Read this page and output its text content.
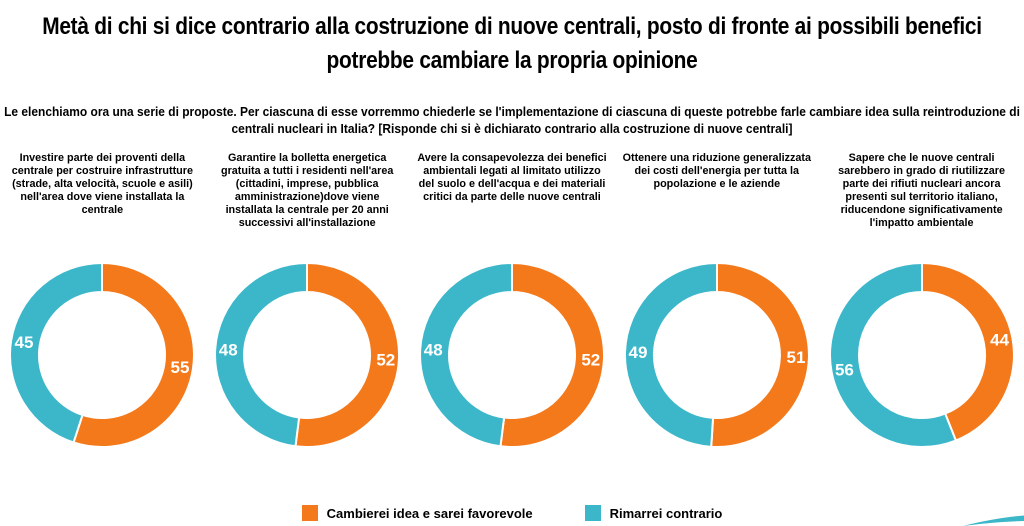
Metà di chi si dice contrario alla costruzione di nuove centrali, posto di fronte ai possibili benefici potrebbe cambiare la propria opinione

Le elenchiamo ora una serie di proposte. Per ciascuna di esse vorremmo chiederle se l'implementazione di ciascuna di queste potrebbe farle cambiare idea sulla reintroduzione di centrali nucleari in Italia? [Risponde chi si è dichiarato contrario alla costruzione di nuove centrali]

Investire parte dei proventi della centrale per costruire infrastrutture (strade, alta velocità, scuole e asili) nell'area dove viene installata la centrale
55
45
Garantire la bolletta energetica gratuita a tutti i residenti nell'area (cittadini, imprese, pubblica amministrazione)dove viene installata la centrale per 20 anni successivi all'installazione
52
48
Avere la consapevolezza dei benefici ambientali legati al limitato utilizzo del suolo e dell'acqua e dei materiali critici da parte delle nuove centrali
52
48
Ottenere una riduzione generalizzata dei costi dell'energia per tutta la popolazione e le aziende
51
49
Sapere che le nuove centrali sarebbero in grado di riutilizzare parte dei rifiuti nucleari ancora presenti sul territorio italiano, riducendone significativamente l'impatto ambientale
44
56
Cambierei idea e sarei favorevole	Rimarrei contrario
